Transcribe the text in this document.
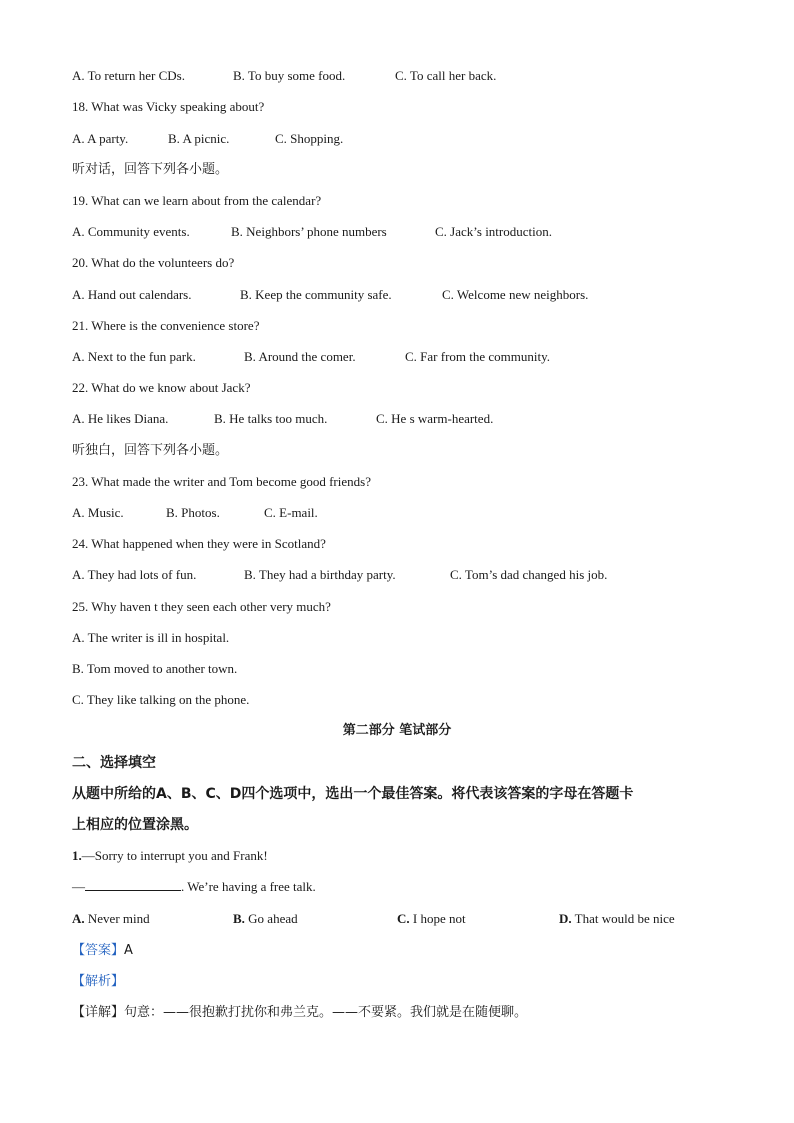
A. To return her CDs.	B. To buy some food.	C. To call her back.
18. What was Vicky speaking about?
A. A party.	B. A picnic.	C. Shopping.
听对话，回答下列各小题。
19. What can we learn about from the calendar?
A. Community events.	B. Neighbors’ phone numbers	C. Jack’s introduction.
20. What do the volunteers do?
A. Hand out calendars.	B. Keep the community safe.	C. Welcome new neighbors.
21. Where is the convenience store?
A. Next to the fun park.	B. Around the comer.	C. Far from the community.
22. What do we know about Jack?
A. He likes Diana.	B. He talks too much.	C. He s warm-hearted.
听独白，回答下列各小题。
23. What made the writer and Tom become good friends?
A. Music.	B. Photos.	C. E-mail.
24. What happened when they were in Scotland?
A. They had lots of fun.	B. They had a birthday party.	C. Tom’s dad changed his job.
25. Why haven t they seen each other very much?
A. The writer is ill in hospital.
B. Tom moved to another town.
C. They like talking on the phone.
第二部分 笔试部分
二、选择填空
从题中所给的A、B、C、D四个选项中，选出一个最佳答案。将代表该答案的字母在答题卡
上相应的位置涂黑。
1.—Sorry to interrupt you and Frank!
—	. We’re having a free talk.
A. Never mind	B. Go ahead	C. I hope not	D. That would be nice
【答案】A
【解析】
【详解】句意：——很抱歉打扰你和弗兰克。——不要紧。我们就是在随便聊。
